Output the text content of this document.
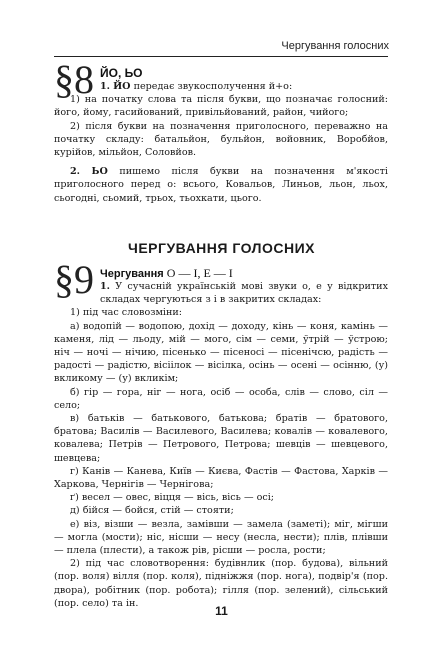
Чергування голосних
§8 ЙО, ЬО

1. ЙО передає звукосполучення й+о:

1) на початку слова та після букви, що позначає голосний: його, йому, гасийований, привільйований, район, чийого;

2) після букви на позначення приголосного, переважно на початку складу: батальйон, бульйон, войовник, Воробйов, курійов, мільйон, Соловйов.

2. ЬО пишемо після букви на позначення м'якості приголосного перед о: всього, Ковальов, Линьов, льон, льох, сьогодні, сьомий, трьох, тьохкати, цього.

ЧЕРГУВАННЯ ГОЛОСНИХ
§9 Чергування О — І, Е — І

1. У сучасній українській мові звуки о, е у відкритих складах чергуються з і в закритих складах:

1) під час словозміни:

а) водопій — водопою, дохід — доходу, кінь — коня, камінь — каменя, лід — льоду, мій — мого, сім — семи, ўтрій — ўстрою; ніч — ночі — нічию, пісенько — пісеносі — пісенічсю, радість — радості — радістю, вісіілок — вісілка, осінь — осені — осінню, (у) вкликому — (у) вкликім;

б) гір — гора, ніг — нога, осіб — особа, слів — слово, сіл — село;

в) батьків — батькового, батькова; братів — братового, братова; Василів — Василевого, Василева; ковалів — ковалевого, ковалева; Петрів — Петрового, Петрова; шевців — шевцевого, шевцева;

г) Канів — Канева, Київ — Києва, Фастів — Фастова, Харків — Харкова, Чернігів — Чернігова;

ґ) весел — овес, віцця — вісь, вісь — осі;

д) бійся — бойся, стій — стояти;

е) віз, візши — везла, замівши — замела (заметі); міг, мігши — могла (мости); ніс, нісши — несу (несла, нести); плів, плівши — плела (плести), а також рів, рісши — росла, рости;

2) під час словотворення: будівнлик (пор. будова), вільний (пор. воля) вілля (пор. коля), підніжжя (пор. нога), подвір'я (пор. двора), робітник (пор. робота); гілля (пор. зелений), сільський (пор. село) та ін.

11
